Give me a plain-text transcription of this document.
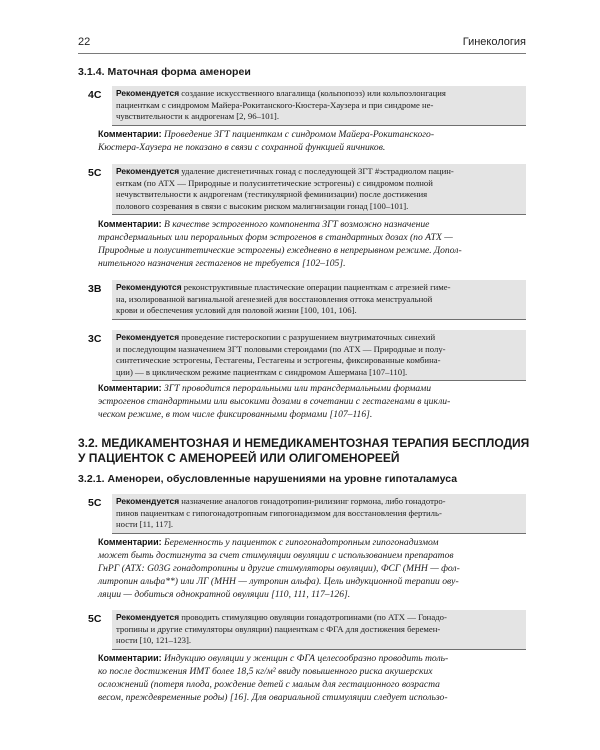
22	Гинекология
3.1.4. Маточная форма аменореи
4C Рекомендуется создание искусственного влагалища (кольпопоэз) или кольпоэлонгация
пациенткам с синдромом Майера-Рокитанского-Кюстера-Хаузера и при синдроме не-
чувствительности к андрогенам [2, 96–101].
Комментарии: Проведение ЗГТ пациенткам с синдромом Майера-Рокитанского-
Кюстера-Хаузера не показано в связи с сохранной функцией яичников.
5C Рекомендуется удаление дисгенетичных гонад с последующей ЗГТ #эстрадиолом пацин-
енткам (по АТХ — Природные и полусинтетические эстрогены) с синдромом полной
нечувствительности к андрогенам (тестикулярной феминизации) после достижения
полового созревания в связи с высоким риском малигнизации гонад [100–101].
Комментарии: В качестве эстрогенного компонента ЗГТ возможно назначение
трансдермальных или пероральных форм эстрогенов в стандартных дозах (по АТХ —
Природные и полусинтетические эстрогены) ежедневно в непрерывном режиме. Допол-
нительного назначения гестагенов не требуется [102–105].
3B Рекомендуются реконструктивные пластические операции пациенткам с атрезией гиме-
на, изолированной вагинальной агенезией для восстановления оттока менструальной
крови и обеспечения условий для половой жизни [100, 101, 106].
3C Рекомендуется проведение гистероскопии с разрушением внутриматочных синехий
и последующим назначением ЗГТ половыми стероидами (по АТХ — Природные и полу-
синтетические эстрогены, Гестагены, Гестагены и эстрогены, фиксированные комбина-
ции) — в циклическом режиме пациенткам с синдромом Ашермана [107–110].
Комментарии: ЗГТ проводится пероральными или трансдермальными формами
эстрогенов стандартными или высокими дозами в сочетании с гестагенами в цикли-
ческом режиме, в том числе фиксированными формами [107–116].
3.2. МЕДИКАМЕНТОЗНАЯ И НЕМЕДИКАМЕНТОЗНАЯ ТЕРАПИЯ БЕСПЛОДИЯ
У ПАЦИЕНТОК С АМЕНОРЕЕЙ ИЛИ ОЛИГОМЕНОРЕЕЙ
3.2.1. Аменореи, обусловленные нарушениями на уровне гипоталамуса
5C Рекомендуется назначение аналогов гонадотропин-рилизинг гормона, либо гонадотро-
пинов пациенткам с гипогонадотропным гипогонадизмом для восстановления фертиль-
ности [11, 117].
Комментарии: Беременность у пациенток с гипогонадотропным гипогонадизмом
может быть достигнута за счет стимуляции овуляции с использованием препаратов
ГнРГ (АТХ: G03G гонадотропины и другие стимуляторы овуляции), ФСГ (МНН — фол-
литропин альфа**) или ЛГ (МНН — лутропин альфа). Цель индукционной терапии ову-
ляции — добиться однократной овуляции [110, 111, 117–126].
5C Рекомендуется проводить стимуляцию овуляции гонадотропинами (по АТХ — Гонадо-
тропины и другие стимуляторы овуляции) пациенткам с ФГА для достижения беремен-
ности [10, 121–123].
Комментарии: Индукцию овуляции у женщин с ФГА целесообразно проводить толь-
ко после достижения ИМТ более 18,5 кг/м² ввиду повышенного риска акушерских
осложнений (потеря плода, рождение детей с малым для гестационного возраста
весом, преждевременные роды) [16]. Для овариальной стимуляции следует использо-
